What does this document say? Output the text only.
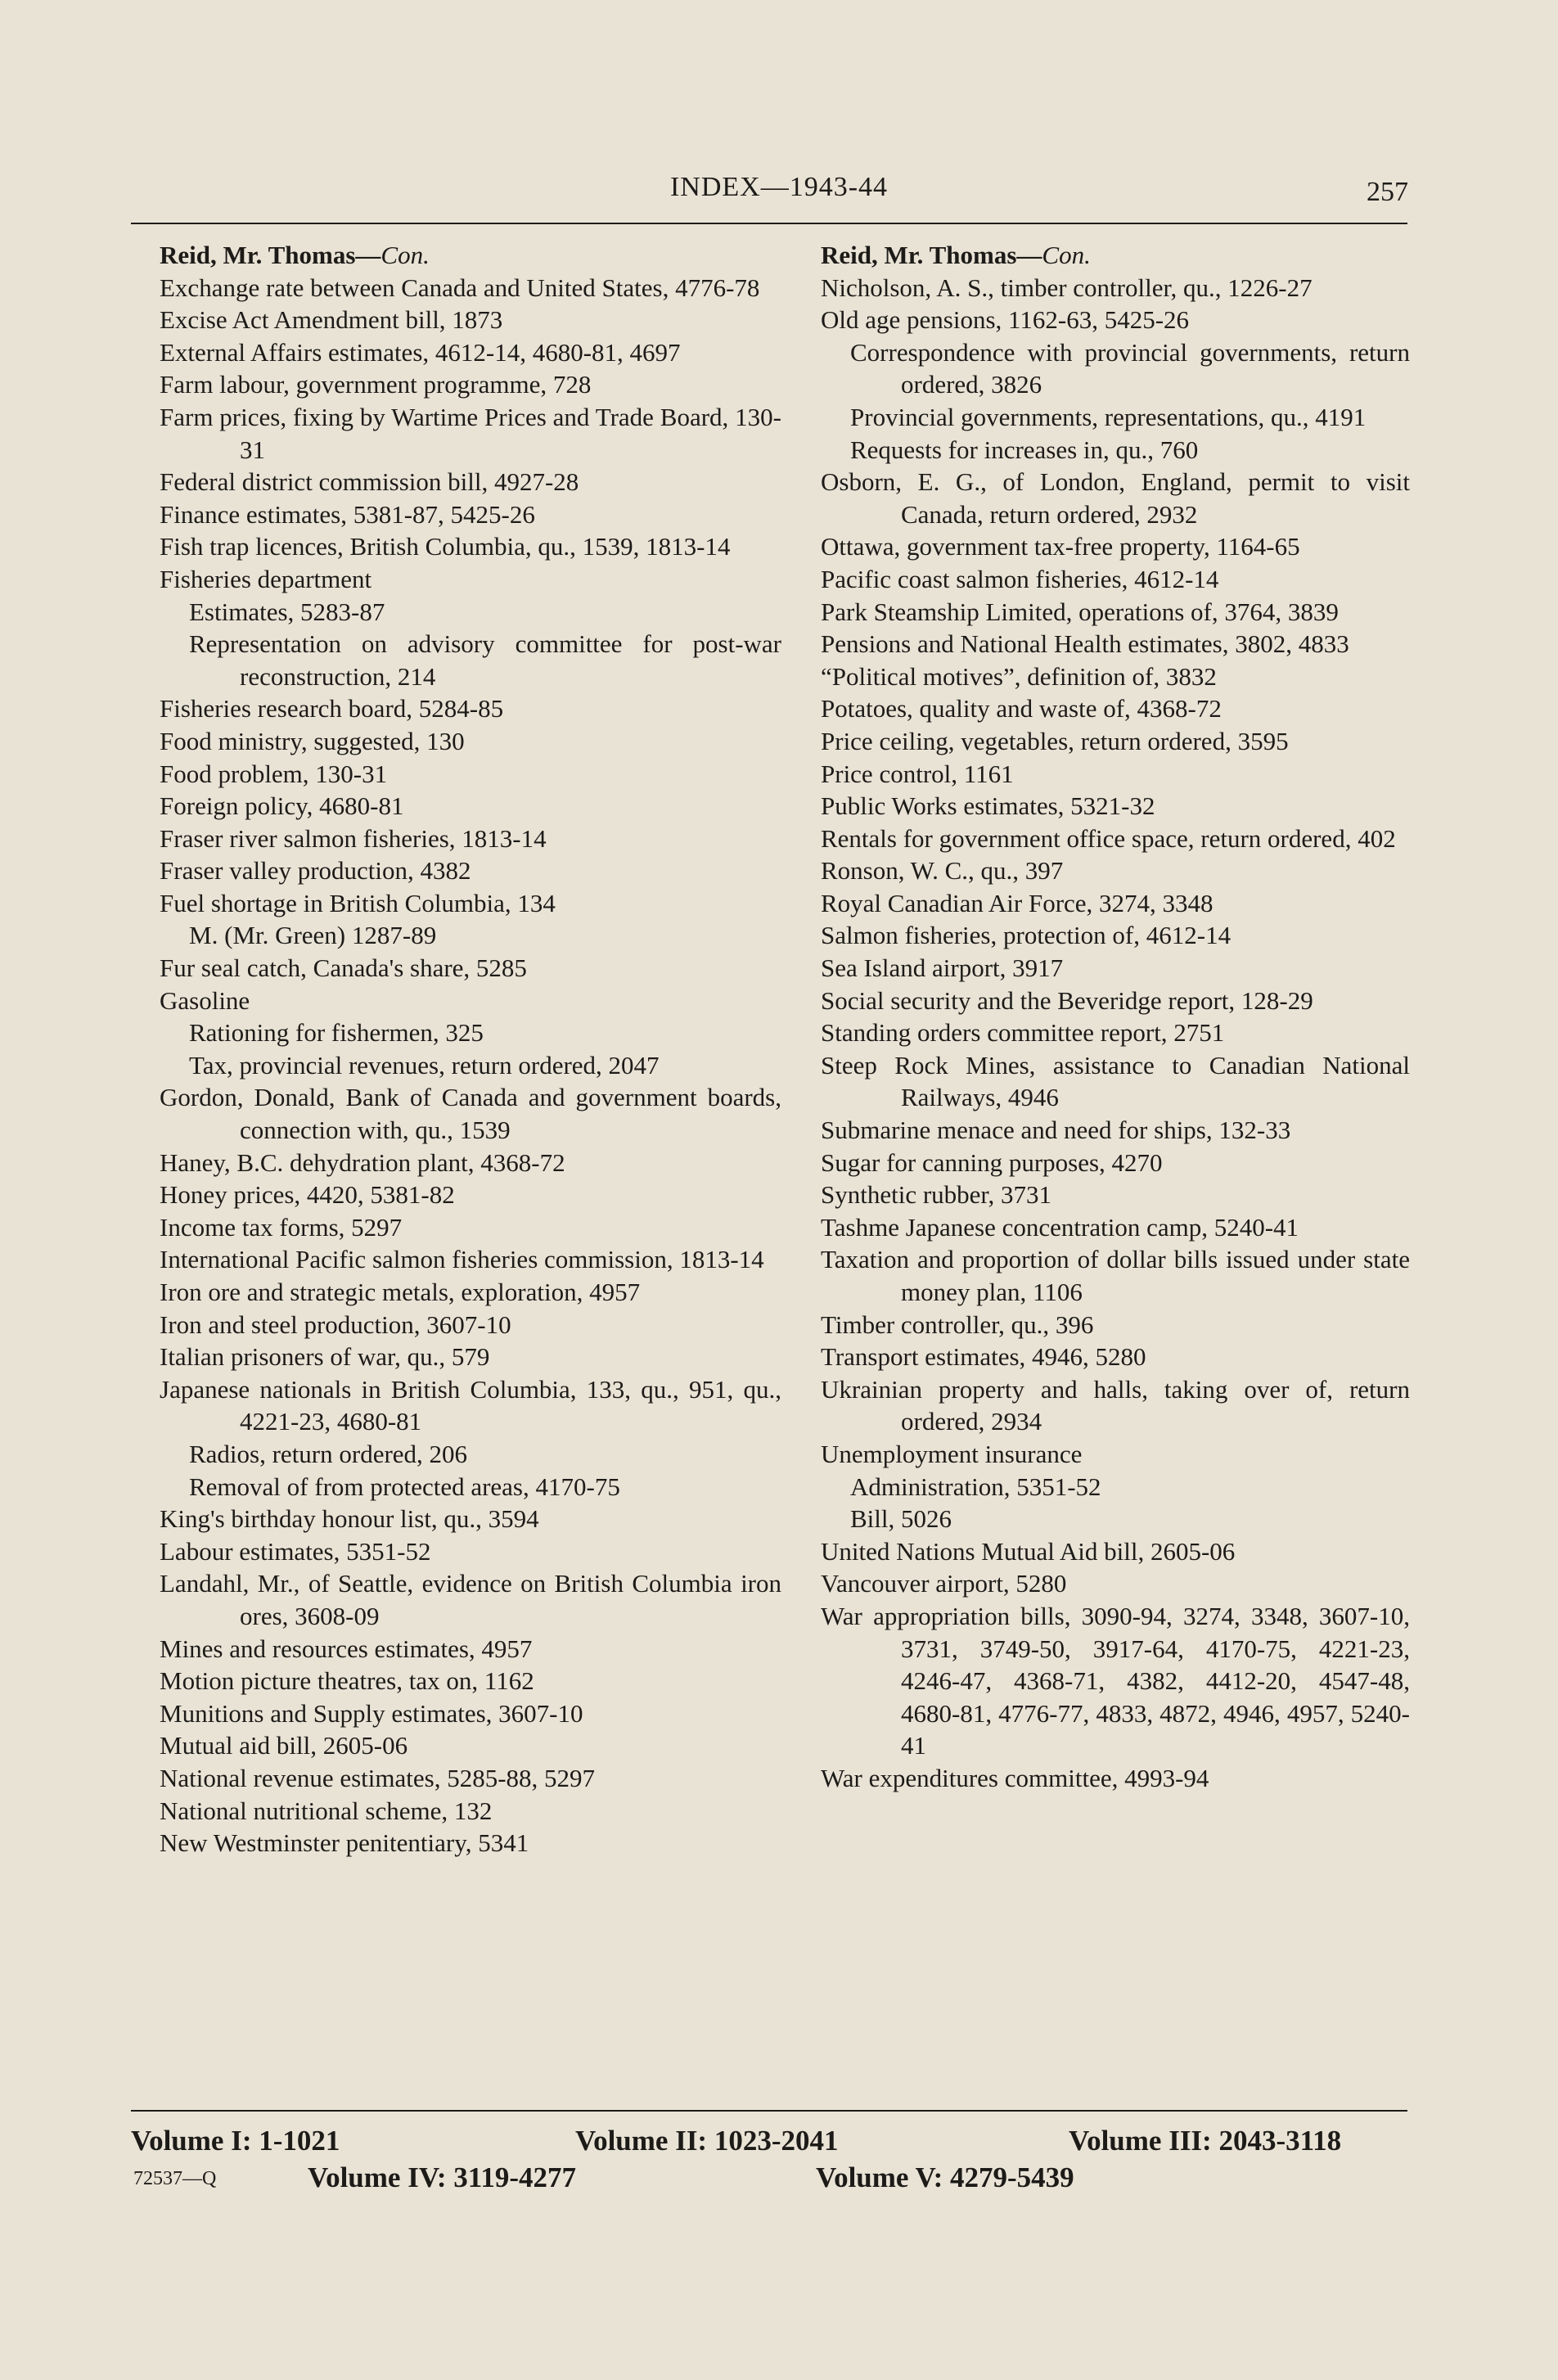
INDEX—1943-44	257
Reid, Mr. Thomas—Con.
Exchange rate between Canada and United States, 4776-78
Excise Act Amendment bill, 1873
External Affairs estimates, 4612-14, 4680-81, 4697
Farm labour, government programme, 728
Farm prices, fixing by Wartime Prices and Trade Board, 130-31
Federal district commission bill, 4927-28
Finance estimates, 5381-87, 5425-26
Fish trap licences, British Columbia, qu., 1539, 1813-14
Fisheries department
Estimates, 5283-87
Representation on advisory committee for post-war reconstruction, 214
Fisheries research board, 5284-85
Food ministry, suggested, 130
Food problem, 130-31
Foreign policy, 4680-81
Fraser river salmon fisheries, 1813-14
Fraser valley production, 4382
Fuel shortage in British Columbia, 134
M. (Mr. Green) 1287-89
Fur seal catch, Canada's share, 5285
Gasoline
Rationing for fishermen, 325
Tax, provincial revenues, return ordered, 2047
Gordon, Donald, Bank of Canada and government boards, connection with, qu., 1539
Haney, B.C. dehydration plant, 4368-72
Honey prices, 4420, 5381-82
Income tax forms, 5297
International Pacific salmon fisheries commission, 1813-14
Iron ore and strategic metals, exploration, 4957
Iron and steel production, 3607-10
Italian prisoners of war, qu., 579
Japanese nationals in British Columbia, 133, qu., 951, qu., 4221-23, 4680-81
Radios, return ordered, 206
Removal of from protected areas, 4170-75
King's birthday honour list, qu., 3594
Labour estimates, 5351-52
Landahl, Mr., of Seattle, evidence on British Columbia iron ores, 3608-09
Mines and resources estimates, 4957
Motion picture theatres, tax on, 1162
Munitions and Supply estimates, 3607-10
Mutual aid bill, 2605-06
National revenue estimates, 5285-88, 5297
National nutritional scheme, 132
New Westminster penitentiary, 5341
Reid, Mr. Thomas—Con.
Nicholson, A. S., timber controller, qu., 1226-27
Old age pensions, 1162-63, 5425-26
Correspondence with provincial governments, return ordered, 3826
Provincial governments, representations, qu., 4191
Requests for increases in, qu., 760
Osborn, E. G., of London, England, permit to visit Canada, return ordered, 2932
Ottawa, government tax-free property, 1164-65
Pacific coast salmon fisheries, 4612-14
Park Steamship Limited, operations of, 3764, 3839
Pensions and National Health estimates, 3802, 4833
“Political motives”, definition of, 3832
Potatoes, quality and waste of, 4368-72
Price ceiling, vegetables, return ordered, 3595
Price control, 1161
Public Works estimates, 5321-32
Rentals for government office space, return ordered, 402
Ronson, W. C., qu., 397
Royal Canadian Air Force, 3274, 3348
Salmon fisheries, protection of, 4612-14
Sea Island airport, 3917
Social security and the Beveridge report, 128-29
Standing orders committee report, 2751
Steep Rock Mines, assistance to Canadian National Railways, 4946
Submarine menace and need for ships, 132-33
Sugar for canning purposes, 4270
Synthetic rubber, 3731
Tashme Japanese concentration camp, 5240-41
Taxation and proportion of dollar bills issued under state money plan, 1106
Timber controller, qu., 396
Transport estimates, 4946, 5280
Ukrainian property and halls, taking over of, return ordered, 2934
Unemployment insurance
Administration, 5351-52
Bill, 5026
United Nations Mutual Aid bill, 2605-06
Vancouver airport, 5280
War appropriation bills, 3090-94, 3274, 3348, 3607-10, 3731, 3749-50, 3917-64, 4170-75, 4221-23, 4246-47, 4368-71, 4382, 4412-20, 4547-48, 4680-81, 4776-77, 4833, 4872, 4946, 4957, 5240-41
War expenditures committee, 4993-94
Volume I: 1-1021	Volume II: 1023-2041	Volume III: 2043-3118
72537—Q	Volume IV: 3119-4277	Volume V: 4279-5439
